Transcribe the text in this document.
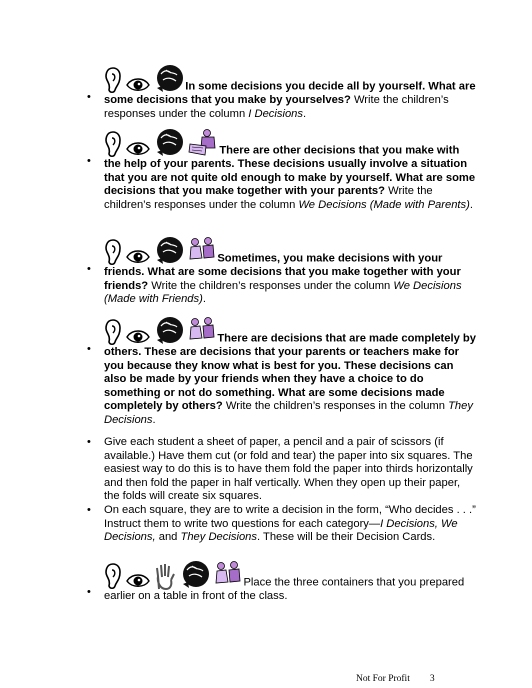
•
In some decisions you decide all by yourself. What are some decisions that you make by yourselves? Write the children’s responses under the column I Decisions.
•
There are other decisions that you make with the help of your parents. These decisions usually involve a situation that you are not quite old enough to make by yourself. What are some decisions that you make together with your parents? Write the children’s responses under the column We Decisions (Made with Parents).
•
Sometimes, you make decisions with your friends. What are some decisions that you make together with your friends? Write the children’s responses under the column We Decisions (Made with Friends).
•
There are decisions that are made completely by others. These are decisions that your parents or teachers make for you because they know what is best for you. These decisions can also be made by your friends when they have a choice to do something or not do something. What are some decisions made completely by others? Write the children’s responses in the column They Decisions.
• Give each student a sheet of paper, a pencil and a pair of scissors (if available.) Have them cut (or fold and tear) the paper into six squares. The easiest way to do this is to have them fold the paper into thirds horizontally and then fold the paper in half vertically. When they open up their paper, the folds will create six squares.
• On each square, they are to write a decision in the form, “Who decides . . .” Instruct them to write two questions for each category—I Decisions, We Decisions, and They Decisions. These will be their Decision Cards.
•
Place the three containers that you prepared earlier on a table in front of the class.
Not For Profit 3
